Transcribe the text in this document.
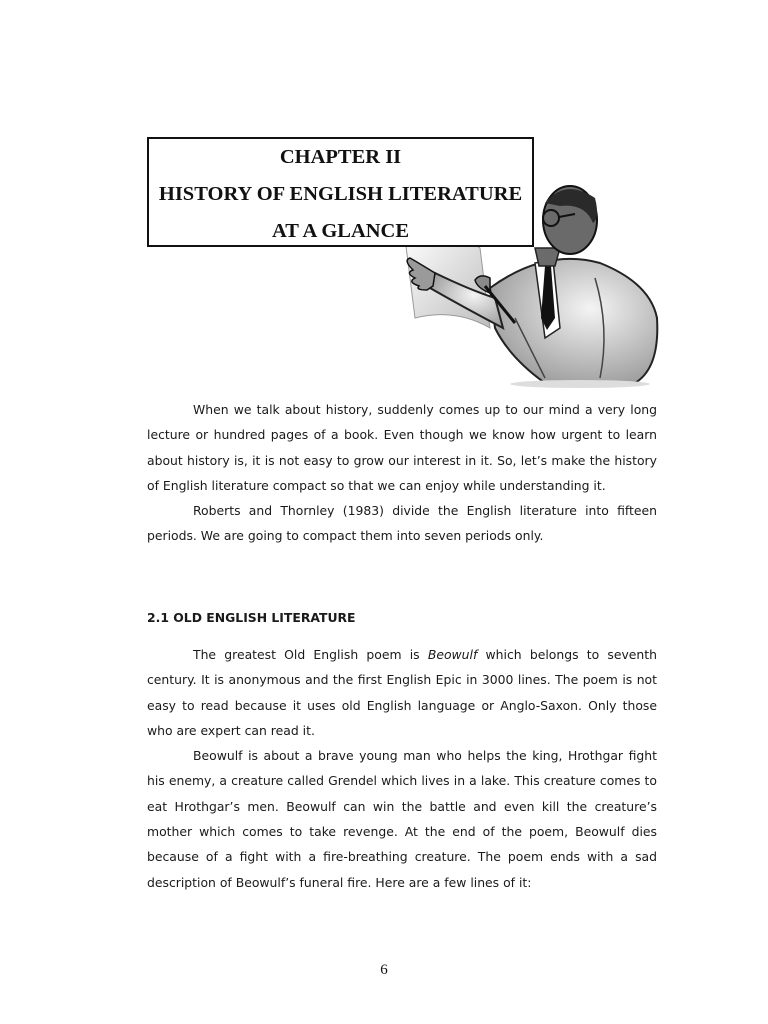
CHAPTER II
HISTORY OF ENGLISH LITERATURE
AT A GLANCE

When we talk about history, suddenly comes up to our mind a very long lecture or hundred pages of a book. Even though we know how urgent to learn about history is, it is not easy to grow our interest in it. So, let’s make the history of English literature compact so that we can enjoy while understanding it.

Roberts and Thornley (1983) divide the English literature into fifteen periods. We are going to compact them into seven periods only.

2.1 OLD ENGLISH LITERATURE

The greatest Old English poem is Beowulf which belongs to seventh century. It is anonymous and the first English Epic in 3000 lines. The poem is not easy to read because it uses old English language or Anglo-Saxon. Only those who are expert can read it.

Beowulf is about a brave young man who helps the king, Hrothgar fight his enemy, a creature called Grendel which lives in a lake. This creature comes to eat Hrothgar’s men. Beowulf can win the battle and even kill the creature’s mother which comes to take revenge. At the end of the poem, Beowulf dies because of a fight with a fire-breathing creature. The poem ends with a sad description of Beowulf’s funeral fire. Here are a few lines of it:

6
